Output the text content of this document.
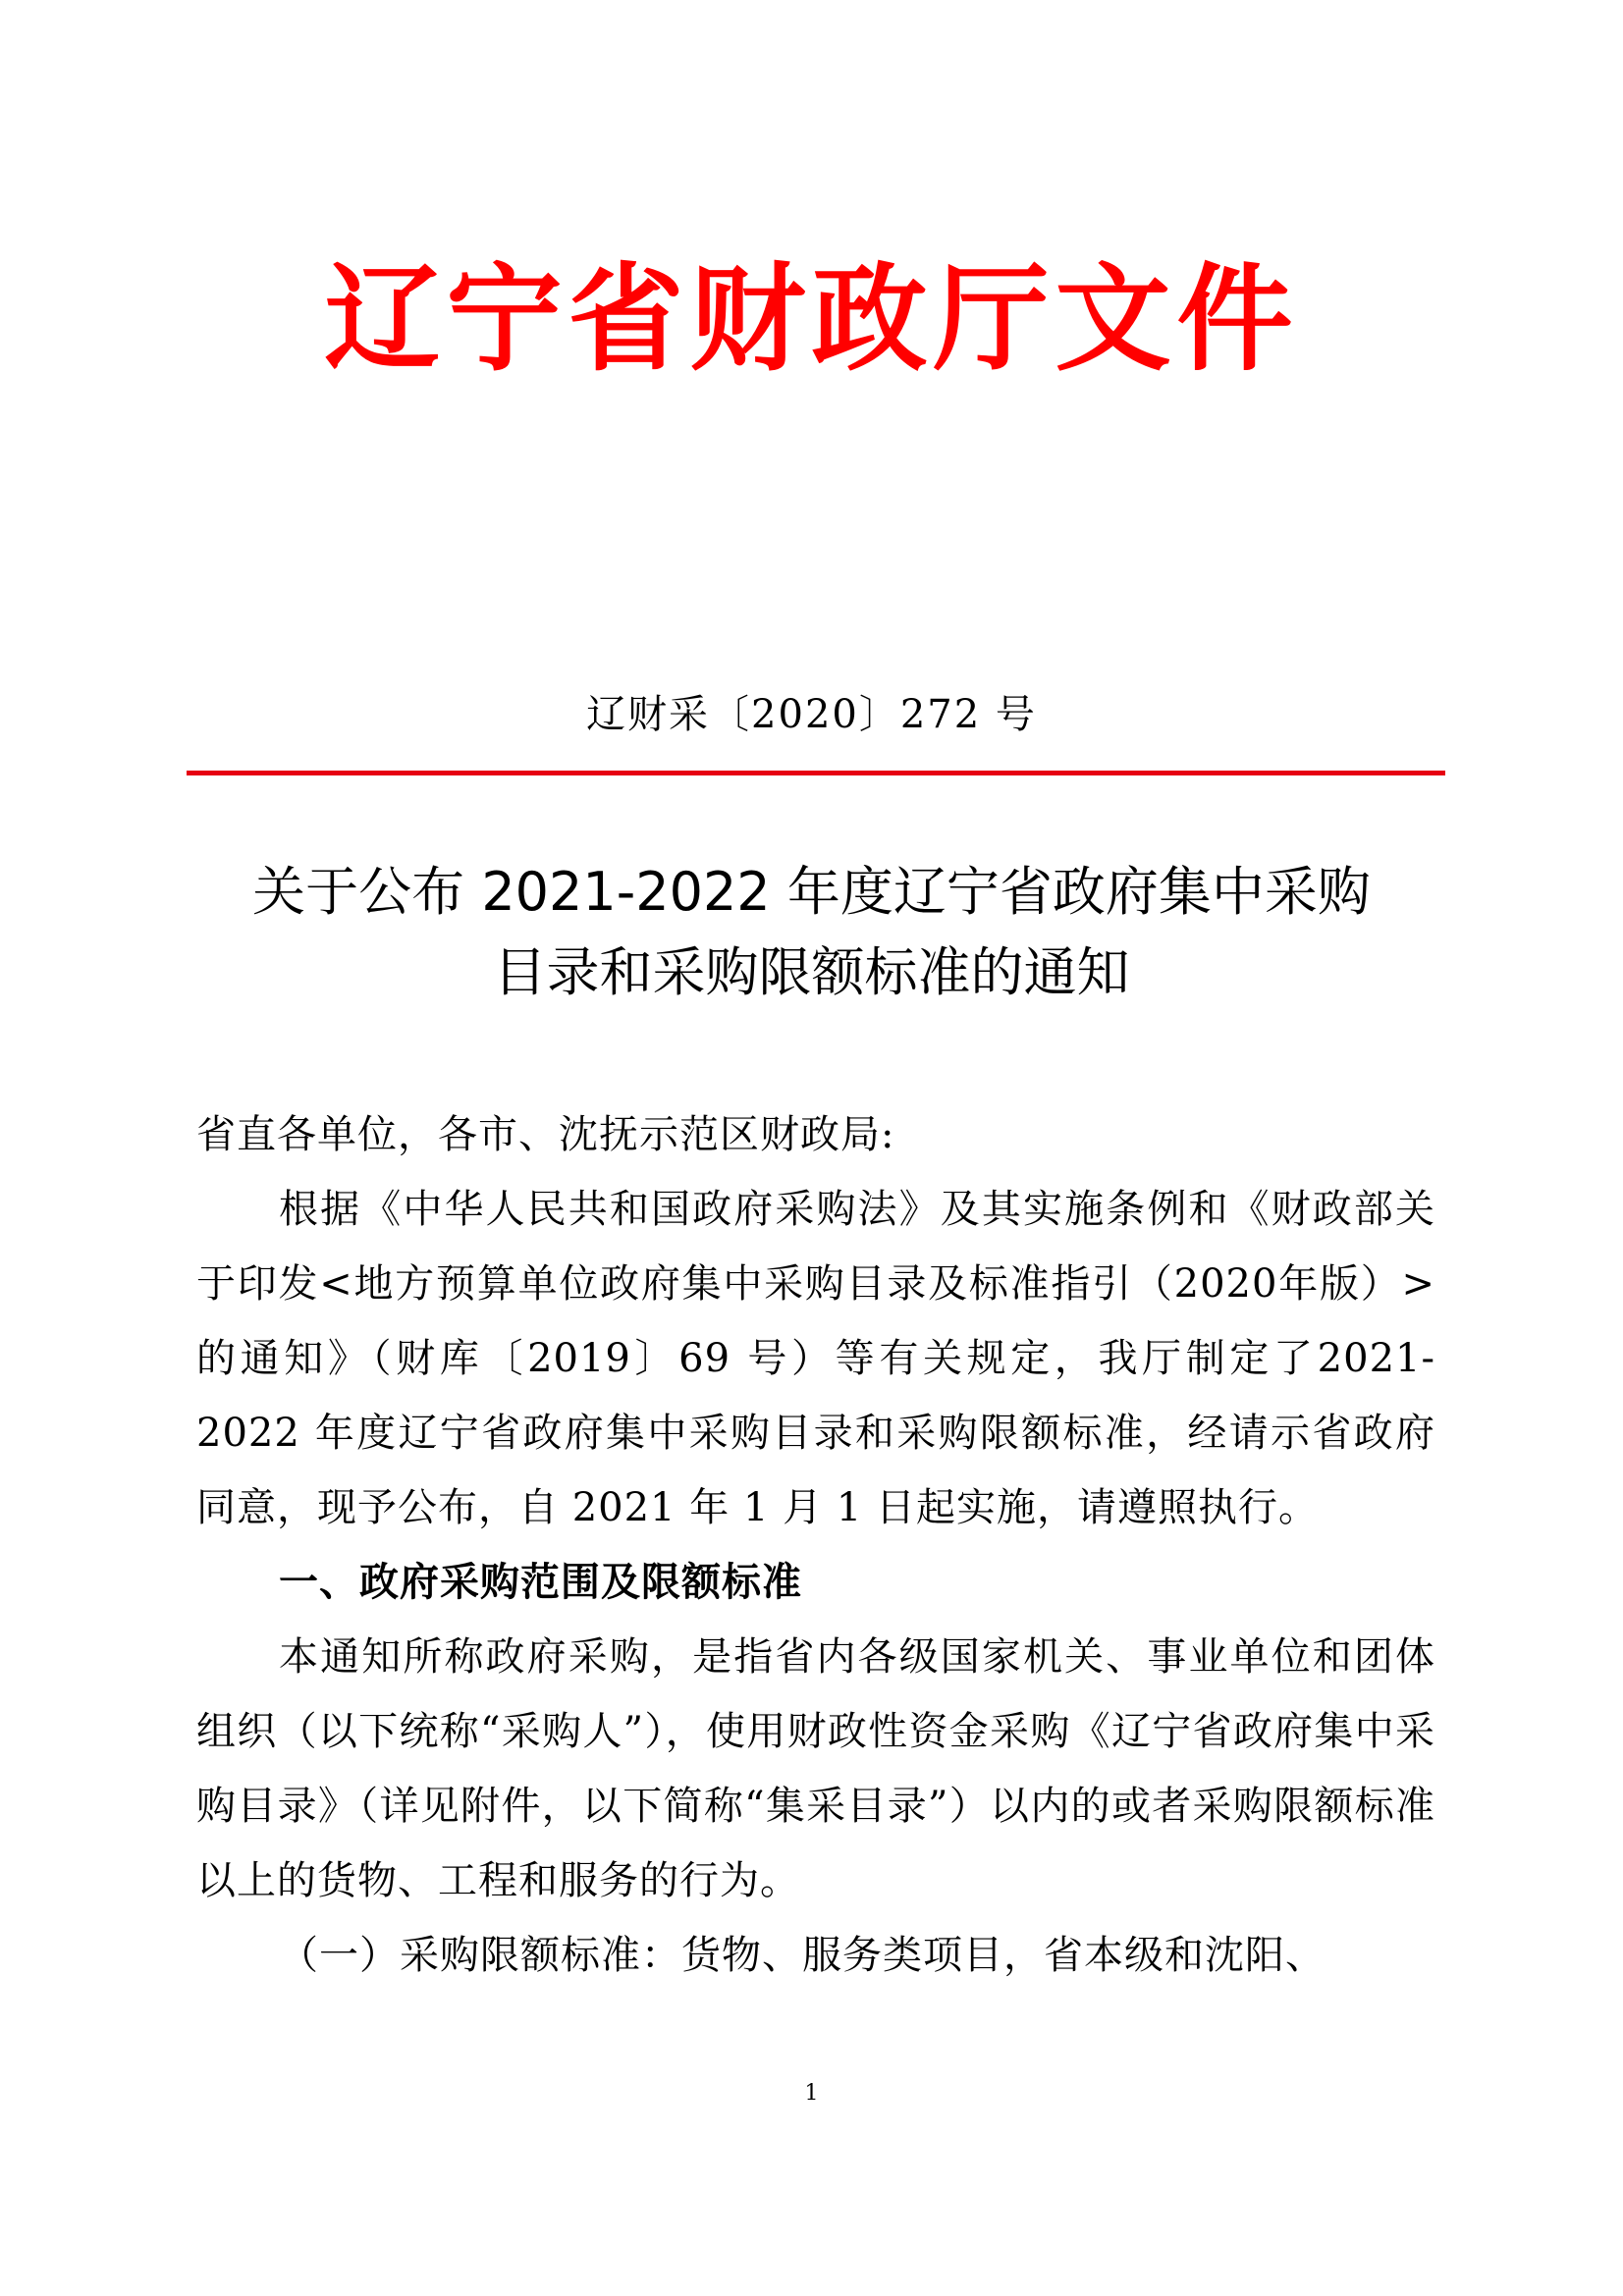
辽宁省财政厅文件
辽财采〔2020〕272 号
关于公布 2021-2022 年度辽宁省政府集中采购
目录和采购限额标准的通知

省直各单位，各市、沈抚示范区财政局:

根据《中华人民共和国政府采购法》及其实施条例和《财政部关于印发<地方预算单位政府集中采购目录及标准指引（2020年版）>的通知》（财库〔2019〕69 号）等有关规定，我厅制定了2021-2022 年度辽宁省政府集中采购目录和采购限额标准，经请示省政府同意，现予公布，自 2021 年 1 月 1 日起实施，请遵照执行。

一、政府采购范围及限额标准

本通知所称政府采购，是指省内各级国家机关、事业单位和团体组织（以下统称“采购人”），使用财政性资金采购《辽宁省政府集中采购目录》（详见附件，以下简称“集采目录”）以内的或者采购限额标准以上的货物、工程和服务的行为。

（一）采购限额标准：货物、服务类项目，省本级和沈阳、

1
